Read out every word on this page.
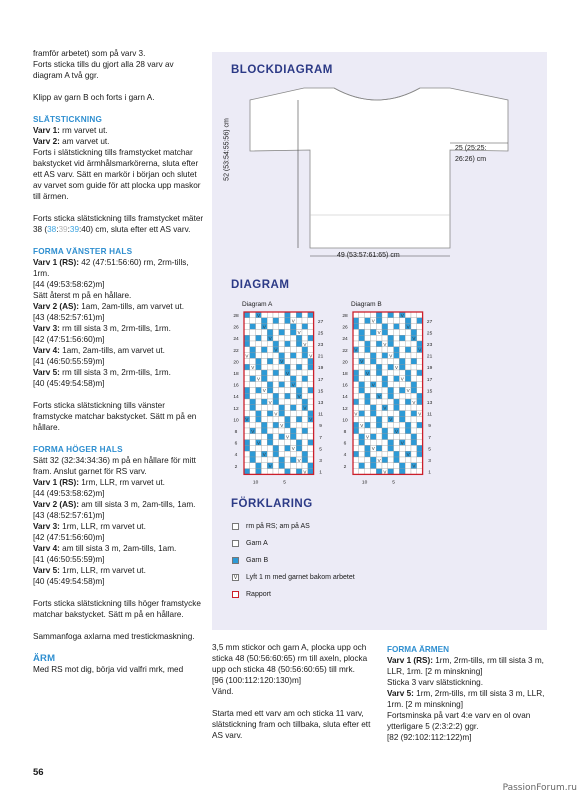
framför arbetet) som på varv 3.
Forts sticka tills du gjort alla 28 varv av diagram A två ggr.

Klipp av garn B och forts i garn A.

SLÄTSTICKNING
Varv 1: rm varvet ut.
Varv 2: am varvet ut.

Forts i slätstickning tills framstycket matchar bakstycket vid ärmhålsmarkörerna, sluta efter ett AS varv. Sätt en markör i början och slutet av varvet som guide för att plocka upp maskor till ärmen.

Forts sticka slätstickning tills framstycket mäter 38 (38:39:39:40) cm, sluta efter ett AS varv.

FORMA VÄNSTER HALS
Varv 1 (RS): 42 (47:51:56:60) rm, 2rm-tills, 1rm.
[44 (49:53:58:62)m]
Sätt återst m på en hållare.
Varv 2 (AS): 1am, 2am-tills, am varvet ut.
[43 (48:52:57:61)m]
Varv 3: rm till sista 3 m, 2rm-tills, 1rm.
[42 (47:51:56:60)m]
Varv 4: 1am, 2am-tills, am varvet ut.
[41 (46:50:55:59)m]
Varv 5: rm till sista 3 m, 2rm-tills, 1rm.

[40 (45:49:54:58)m]

Forts sticka slätstickning tills vänster framstycke matchar bakstycket. Sätt m på en hållare.

FORMA HÖGER HALS
Sätt 32 (32:34:34:36) m på en hållare för mitt fram. Anslut garnet för RS varv.
Varv 1 (RS): 1rm, LLR, rm varvet ut.
[44 (49:53:58:62)m]
Varv 2 (AS): am till sista 3 m, 2am-tills, 1am.
[43 (48:52:57:61)m]
Varv 3: 1rm, LLR, rm varvet ut.
[42 (47:51:56:60)m]
Varv 4: am till sista 3 m, 2am-tills, 1am.
[41 (46:50:55:59)m]
Varv 5: 1rm, LLR, rm varvet ut.

[40 (45:49:54:58)m]

Forts sticka slätstickning tills höger framstycke matchar bakstycket. Sätt m på en hållare.

Sammanfoga axlarna med trestickmaskning.

ÄRM
Med RS mot dig, börja vid valfri mrk, med
BLOCKDIAGRAM
52 (53:54:55:56) cm	25 (25:25:
26:26) cm
49 (53:57:61:65) cm
DIAGRAM
Diagram A	Diagram B
V
V
V
V
V
V
V
V	V
V
V
V
V
V
V
V
V
V
V
V	V
V
V
V
V
V
V
V
V
V
V
V
V
V
V
V
V	V
V
V
V
V
V
V
V
V
V
V
V	V
V
V
V
V
V
V
V
V
V
V
28
26
24
22
20
18
16
14
12
10
8
6
4
2
27
25
23
21
19
17
15
13
11
9
7
5
3
1
28
26
24
22
20
18
16
14
12
10
8
6
4
2
27
25
23
21
19
17
15
13
11
9
7
5
3
1
10	5	10	5
FÖRKLARING
rm på RS; am på AS
Garn A
Garn B
V Lyft 1 m med garnet bakom arbetet
Rapport

3,5 mm stickor och garn A, plocka upp och sticka 48 (50:56:60:65) rm till axeln, plocka upp och sticka 48 (50:56:60:65) till mrk.

[96 (100:112:120:130)m]

Vänd.

Starta med ett varv am och sticka 11 varv, slätstickning fram och tillbaka, sluta efter ett AS varv.

FORMA ÄRMEN

Varv 1 (RS): 1rm, 2rm-tills, rm till sista 3 m, LLR, 1rm. [2 m minskning]

Sticka 3 varv slätstickning.

Varv 5: 1rm, 2rm-tills, rm till sista 3 m, LLR, 1rm. [2 m minskning]

Fortsminska på vart 4:e varv en ol ovan ytterligare 5 (2:3:2:2) ggr.

[82 (92:102:112:122)m]

56
PassionForum.ru
